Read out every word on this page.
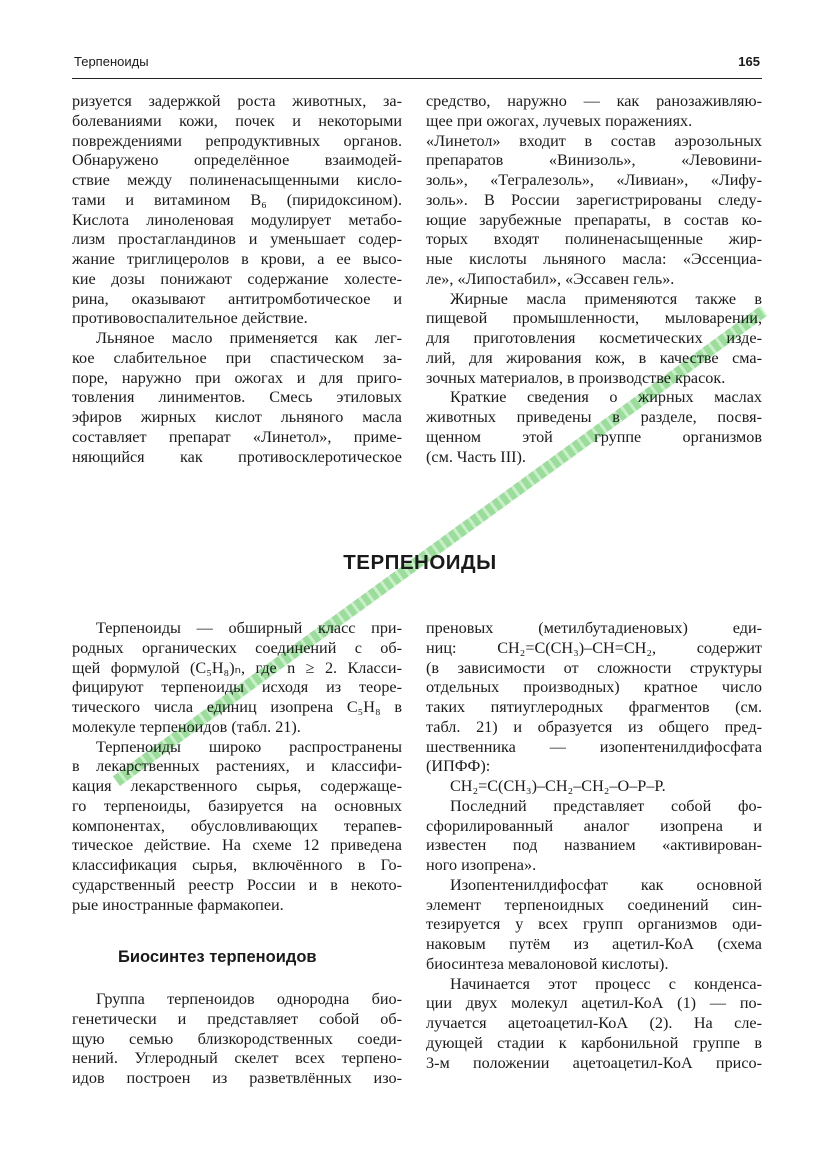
Терпеноиды	165
ризуется задержкой роста животных, за-
болеваниями кожи, почек и некоторыми
повреждениями репродуктивных органов.
Обнаружено определённое взаимодей-
ствие между полиненасыщенными кисло-
тами и витамином B₆ (пиридоксином).
Кислота линоленовая модулирует метабо-
лизм простагландинов и уменьшает содер-
жание триглицеролов в крови, а ее высо-
кие дозы понижают содержание холесте-
рина, оказывают антитромботическое и
противовоспалительное действие.
Льняное масло применяется как лег-
кое слабительное при спастическом за-
поре, наружно при ожогах и для приго-
товления линиментов. Смесь этиловых
эфиров жирных кислот льняного масла
составляет препарат «Линетол», приме-
няющийся как противосклеротическое
средство, наружно — как ранозаживляю-
щее при ожогах, лучевых поражениях.
«Линетол» входит в состав аэрозольных
препаратов «Винизоль», «Левовини-
золь», «Тегралезоль», «Ливиан», «Лифу-
золь». В России зарегистрированы следу-
ющие зарубежные препараты, в состав ко-
торых входят полиненасыщенные жир-
ные кислоты льняного масла: «Эссенциа-
ле», «Липостабил», «Эссавен гель».
Жирные масла применяются также в
пищевой промышленности, мыловарении,
для приготовления косметических изде-
лий, для жирования кож, в качестве сма-
зочных материалов, в производстве красок.
Краткие сведения о жирных маслах
животных приведены в разделе, посвя-
щенном этой группе организмов
(см. Часть III).
ТЕРПЕНОИДЫ
Терпеноиды — обширный класс при-
родных органических соединений с об-
щей формулой (C₅H₈)ₙ, где n ≥ 2. Класси-
фицируют терпеноиды исходя из теоре-
тического числа единиц изопрена C₅H₈ в
молекуле терпеноидов (табл. 21).
Терпеноиды широко распространены
в лекарственных растениях, и классифи-
кация лекарственного сырья, содержаще-
го терпеноиды, базируется на основных
компонентах, обусловливающих терапев-
тическое действие. На схеме 12 приведена
классификация сырья, включённого в Го-
сударственный реестр России и в некото-
рые иностранные фармакопеи.
Биосинтез терпеноидов
Группа терпеноидов однородна био-
генетически и представляет собой об-
щую семью близкородственных соеди-
нений. Углеродный скелет всех терпено-
идов построен из разветвлённых изо-
преновых (метилбутадиеновых) еди-
ниц: CH₂=C(CH₃)–CH=CH₂, содержит
(в зависимости от сложности структуры
отдельных производных) кратное число
таких пятиуглеродных фрагментов (см.
табл. 21) и образуется из общего пред-
шественника — изопентенилдифосфата
(ИПФФ):
CH₂=C(CH₃)–CH₂–CH₂–O–P–P.
Последний представляет собой фо-
сфорилированный аналог изопрена и
известен под названием «активирован-
ного изопрена».
Изопентенилдифосфат как основной
элемент терпеноидных соединений син-
тезируется у всех групп организмов оди-
наковым путём из ацетил-КоА (схема
биосинтеза мевалоновой кислоты).
Начинается этот процесс с конденса-
ции двух молекул ацетил-КоА (1) — по-
лучается ацетоацетил-КоА (2). На сле-
дующей стадии к карбонильной группе в
3-м положении ацетоацетил-КоА присо-
